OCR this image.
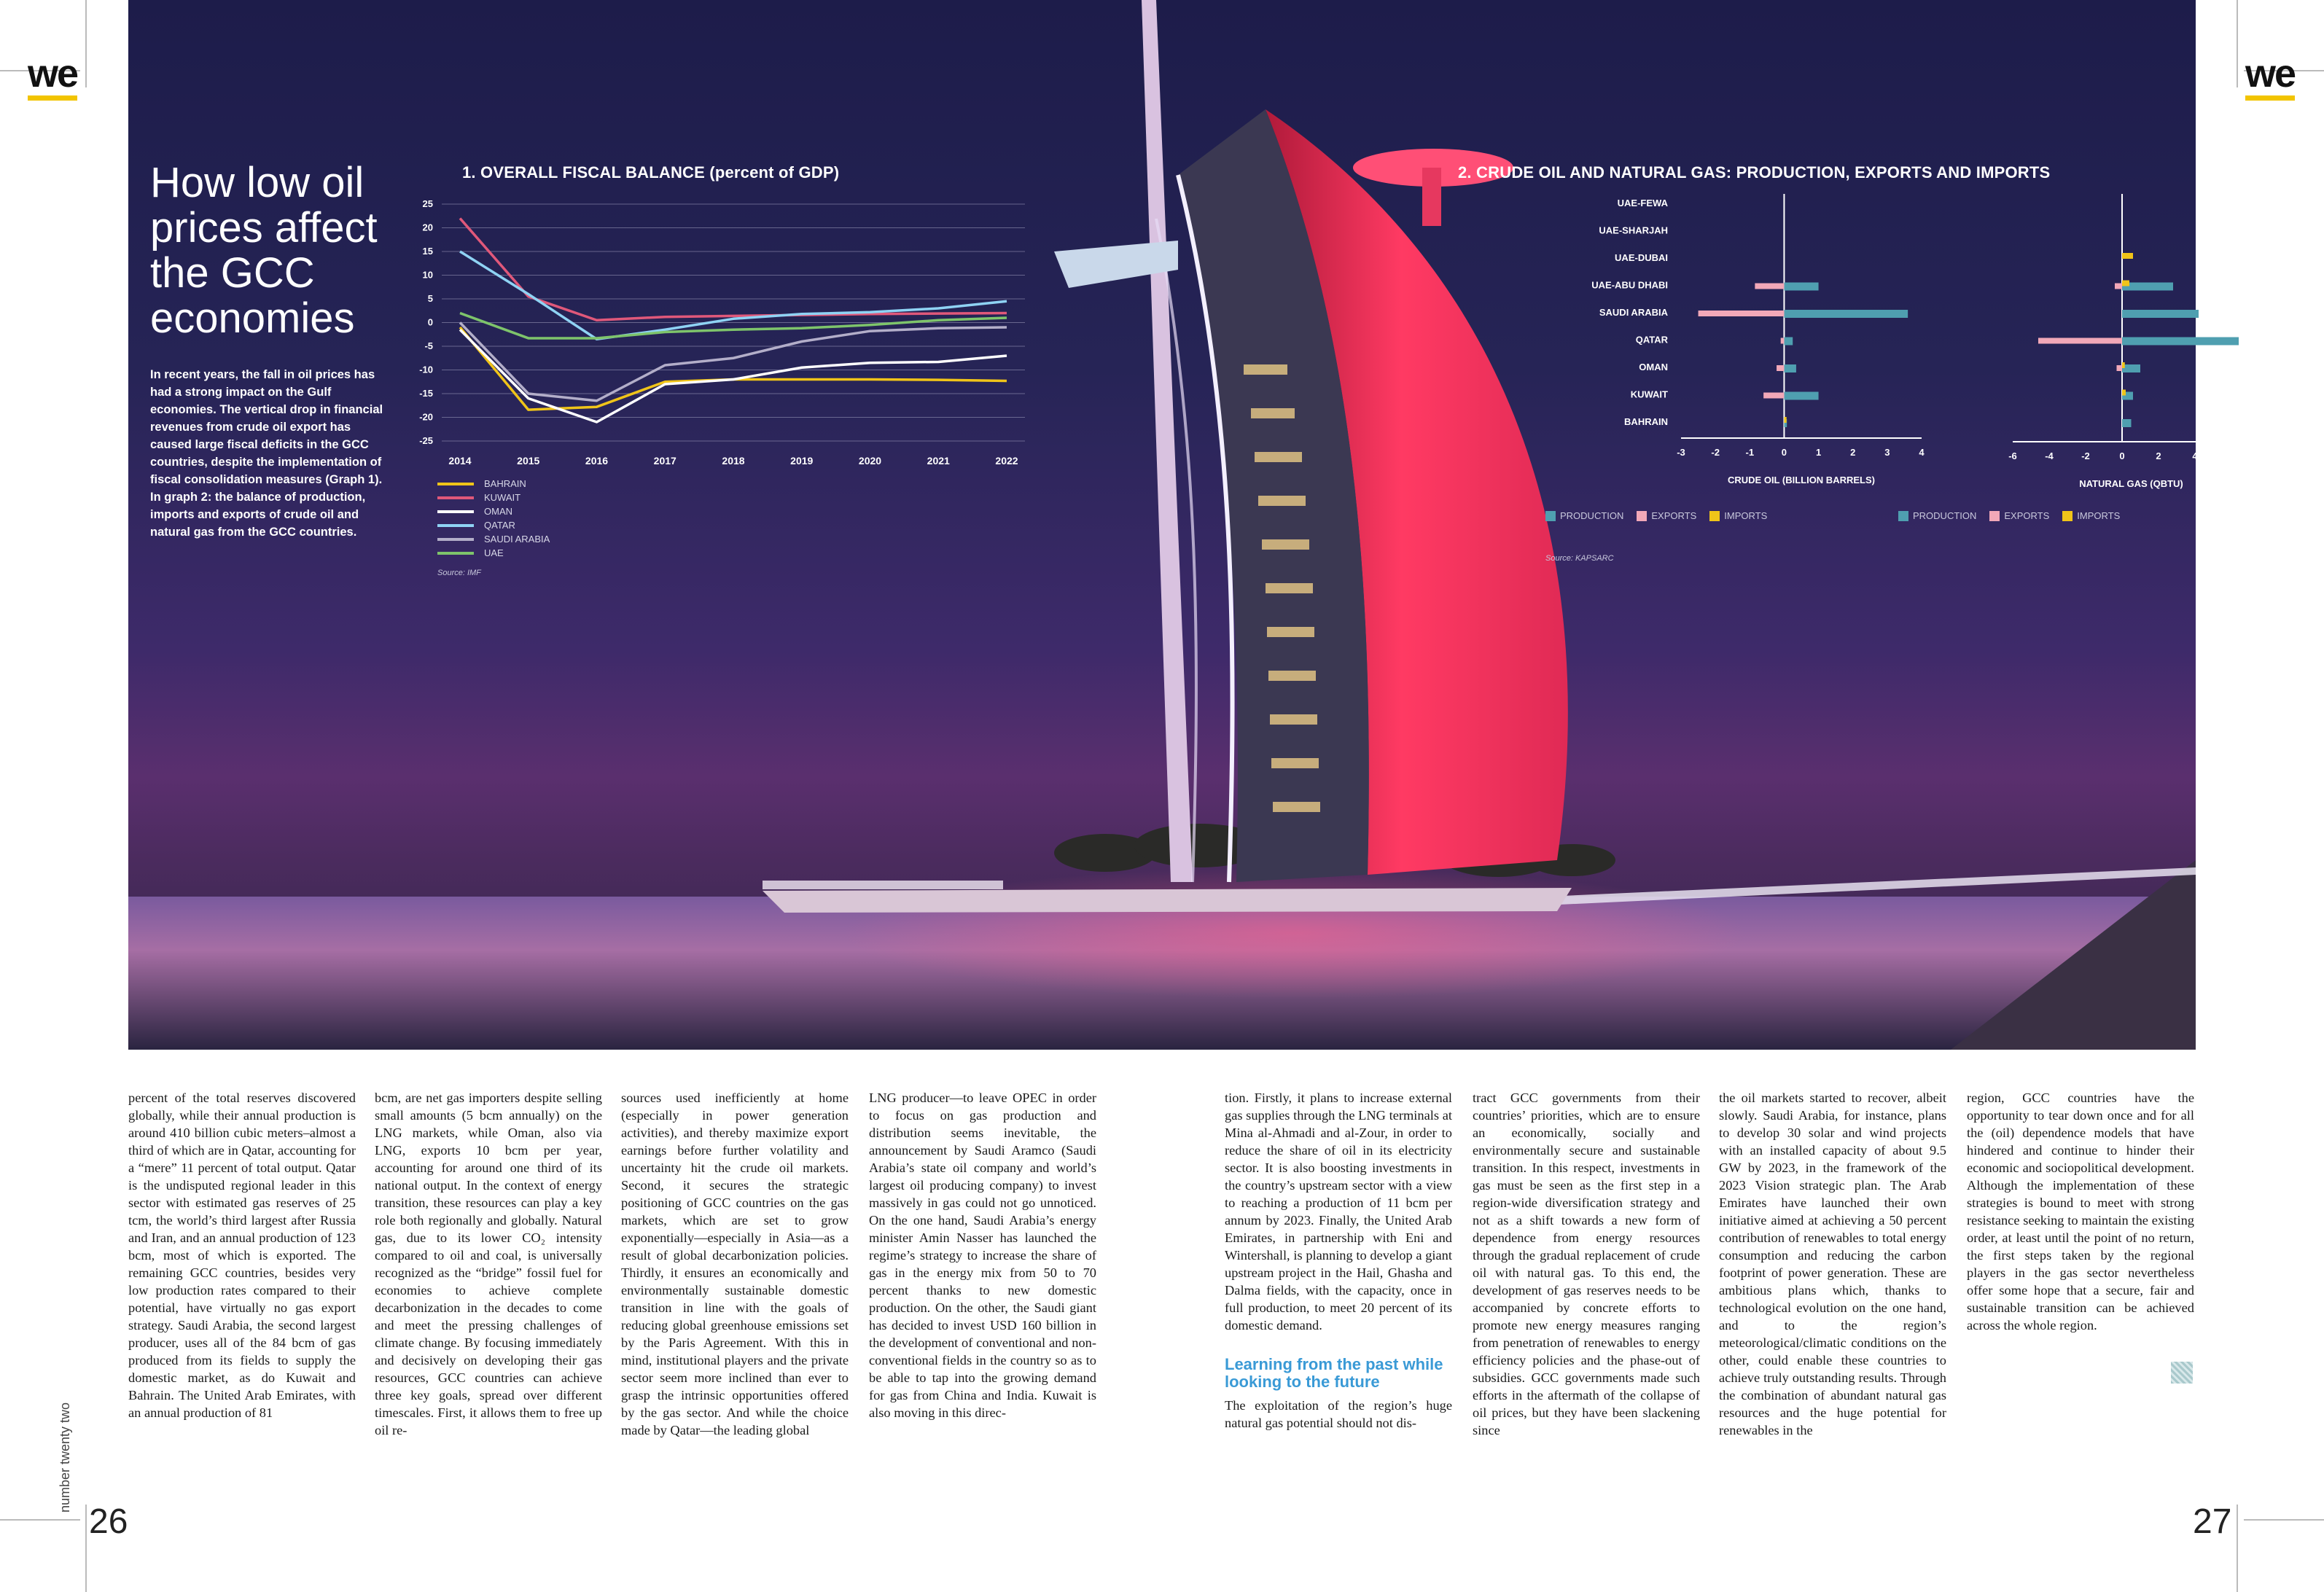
we	we
number twenty two
26	27
How low oil prices affect the GCC economies

In recent years, the fall in oil prices has had a strong impact on the Gulf economies. The vertical drop in financial revenues from crude oil export has caused large fiscal deficits in the GCC countries, despite the implementation of fiscal consolidation measures (Graph 1). In graph 2: the balance of production, imports and exports of crude oil and natural gas from the GCC countries.

1. OVERALL FISCAL BALANCE (percent of GDP)
25
20
15
10
5
0
-5
-10
-15
-20
-25
2014	2015	2016	2017	2018	2019	2020	2021	2022
BAHRAIN
KUWAIT
OMAN
QATAR
SAUDI ARABIA
UAE
Source: IMF
2. CRUDE OIL AND NATURAL GAS: PRODUCTION, EXPORTS AND IMPORTS
UAE-FEWA
UAE-SHARJAH
UAE-DUBAI
UAE-ABU DHABI
SAUDI ARABIA
QATAR
OMAN
KUWAIT
BAHRAIN
-3	-2	-1	0	1	2	3	4
CRUDE OIL (BILLION BARRELS)
-6	-4	-2	0	2	4	6
NATURAL GAS (QBTU)
PRODUCTION	EXPORTS	IMPORTS	PRODUCTION	EXPORTS	IMPORTS
Source: KAPSARC

percent of the total reserves discovered globally, while their annual production is around 410 billion cubic meters–almost a third of which are in Qatar, accounting for a “mere” 11 percent of total output. Qatar is the undisputed regional leader in this sector with estimated gas reserves of 25 tcm, the world’s third largest after Russia and Iran, and an annual production of 123 bcm, most of which is exported. The remaining GCC countries, besides very low production rates compared to their potential, have virtually no gas export strategy. Saudi Arabia, the second largest producer, uses all of the 84 bcm of gas produced from its fields to supply the domestic market, as do Kuwait and Bahrain. The United Arab Emirates, with an annual production of 81

bcm, are net gas importers despite selling small amounts (5 bcm annually) on the LNG markets, while Oman, also via LNG, exports 10 bcm per year, accounting for around one third of its national output. In the context of energy transition, these resources can play a key role both regionally and globally. Natural gas, due to its lower CO₂ intensity compared to oil and coal, is universally recognized as the “bridge” fossil fuel for economies to achieve complete decarbonization in the decades to come and meet the pressing challenges of climate change. By focusing immediately and decisively on developing their gas resources, GCC countries can achieve three key goals, spread over different timescales. First, it allows them to free up oil re-

sources used inefficiently at home (especially in power generation activities), and thereby maximize export earnings before further volatility and uncertainty hit the crude oil markets. Second, it secures the strategic positioning of GCC countries on the gas markets, which are set to grow exponentially—especially in Asia—as a result of global decarbonization policies. Thirdly, it ensures an economically and environmentally sustainable domestic transition in line with the goals of reducing global greenhouse emissions set by the Paris Agreement. With this in mind, institutional players and the private sector seem more inclined than ever to grasp the intrinsic opportunities offered by the gas sector. And while the choice made by Qatar—the leading global

LNG producer—to leave OPEC in order to focus on gas production and distribution seems inevitable, the announcement by Saudi Aramco (Saudi Arabia’s state oil company and world’s largest oil producing company) to invest massively in gas could not go unnoticed. On the one hand, Saudi Arabia’s energy minister Amin Nasser has launched the regime’s strategy to increase the share of gas in the energy mix from 50 to 70 percent thanks to new domestic production. On the other, the Saudi giant has decided to invest USD 160 billion in the development of conventional and non-conventional fields in the country so as to be able to tap into the growing demand for gas from China and India. Kuwait is also moving in this direc-

tion. Firstly, it plans to increase external gas supplies through the LNG terminals at Mina al-Ahmadi and al-Zour, in order to reduce the share of oil in its electricity sector. It is also boosting investments in the country’s upstream sector with a view to reaching a production of 11 bcm per annum by 2023. Finally, the United Arab Emirates, in partnership with Eni and Wintershall, is planning to develop a giant upstream project in the Hail, Ghasha and Dalma fields, with the capacity, once in full production, to meet 20 percent of its domestic demand.

Learning from the past while looking to the future

The exploitation of the region’s huge natural gas potential should not dis-

tract GCC governments from their countries’ priorities, which are to ensure an economically, socially and environmentally secure and sustainable transition. In this respect, investments in gas must be seen as the first step in a region-wide diversification strategy and not as a shift towards a new form of dependence from energy resources through the gradual replacement of crude oil with natural gas. To this end, the development of gas reserves needs to be accompanied by concrete efforts to promote new energy measures ranging from penetration of renewables to energy efficiency policies and the phase-out of subsidies. GCC governments made such efforts in the aftermath of the collapse of oil prices, but they have been slackening since

the oil markets started to recover, albeit slowly. Saudi Arabia, for instance, plans to develop 30 solar and wind projects with an installed capacity of about 9.5 GW by 2023, in the framework of the 2023 Vision strategic plan. The Arab Emirates have launched their own initiative aimed at achieving a 50 percent contribution of renewables to total energy consumption and reducing the carbon footprint of power generation. These are ambitious plans which, thanks to technological evolution on the one hand, and to the region’s meteorological/climatic conditions on the other, could enable these countries to achieve truly outstanding results. Through the combination of abundant natural gas resources and the huge potential for renewables in the

region, GCC countries have the opportunity to tear down once and for all the (oil) dependence models that have hindered and continue to hinder their economic and sociopolitical development. Although the implementation of these strategies is bound to meet with strong resistance seeking to maintain the existing order, at least until the point of no return, the first steps taken by the regional players in the gas sector nevertheless offer some hope that a secure, fair and sustainable transition can be achieved across the whole region.
